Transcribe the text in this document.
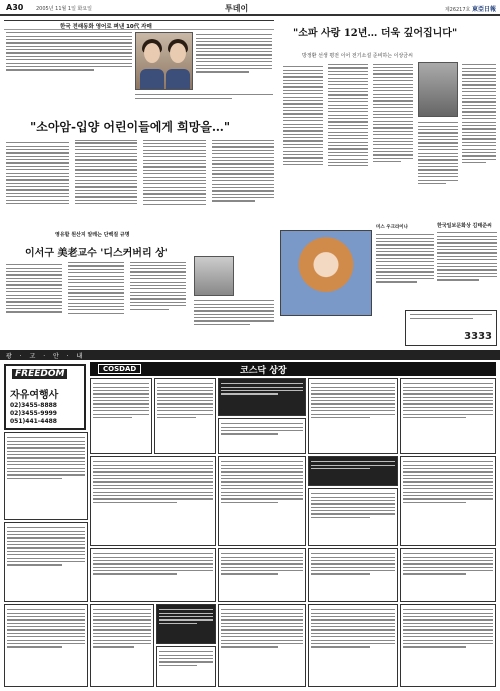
A30	2005년 11월 1일 화요일	투데이	제26217호 東亞日報
한국 전래동화 영어로 펴낸 10代 자매
"소아암-입양 어린이들에게 희망을…"
영유할 원산지 알레는 단백질 규명
이서구 美老교수 '디스커버리 상'
"소파 사랑 12년… 더욱 깊어집니다"
방정환 선생 평전 이어 전기소설 준비하는 이상금씨
미스 우크라이나	한국일보문화상 김태준씨
3333
광 · 고 · 안 · 내
FREEDOM
자유여행사
02)3455-8888
02)3455-9999
051)441-4488
COSDAD	코스닥 상장
